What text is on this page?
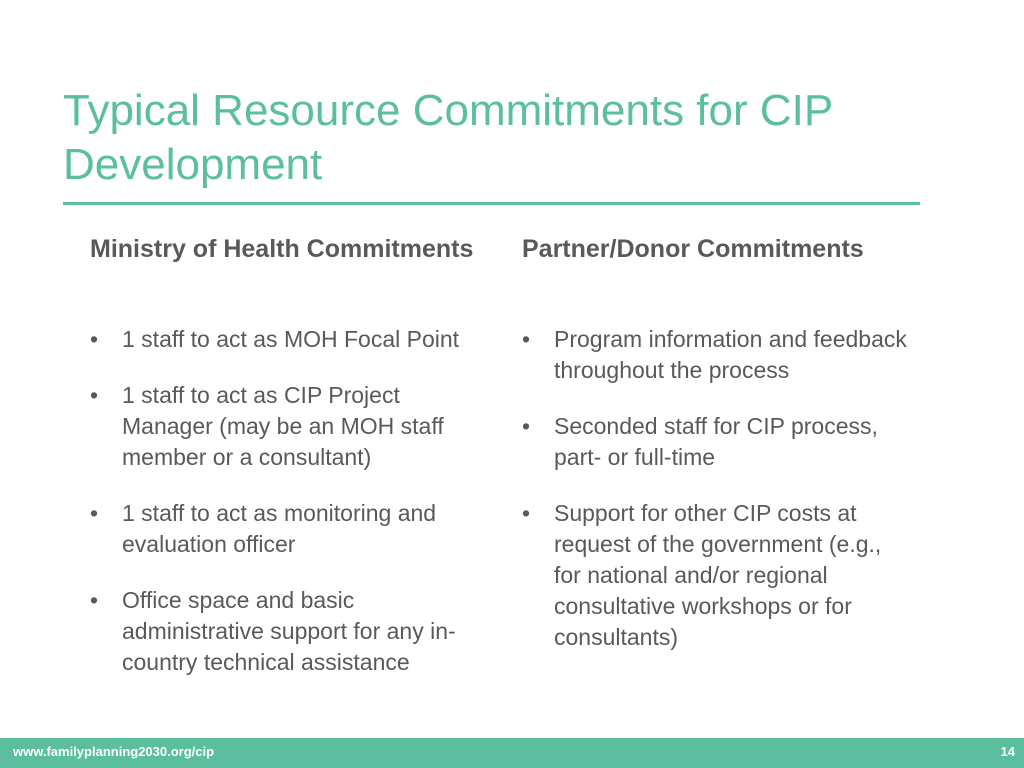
Typical Resource Commitments for CIP Development
Ministry of Health Commitments
•	1 staff to act as MOH Focal Point
•	1 staff to act as CIP Project Manager (may be an MOH staff member or a consultant)
•	1 staff to act as monitoring and evaluation officer
•	Office space and basic administrative support for any in-country technical assistance
Partner/Donor Commitments
•	Program information and feedback throughout the process
•	Seconded staff for CIP process, part- or full-time
•	Support for other CIP costs at request of the government (e.g., for national and/or regional consultative workshops or for consultants)
www.familyplanning2030.org/cip	14
